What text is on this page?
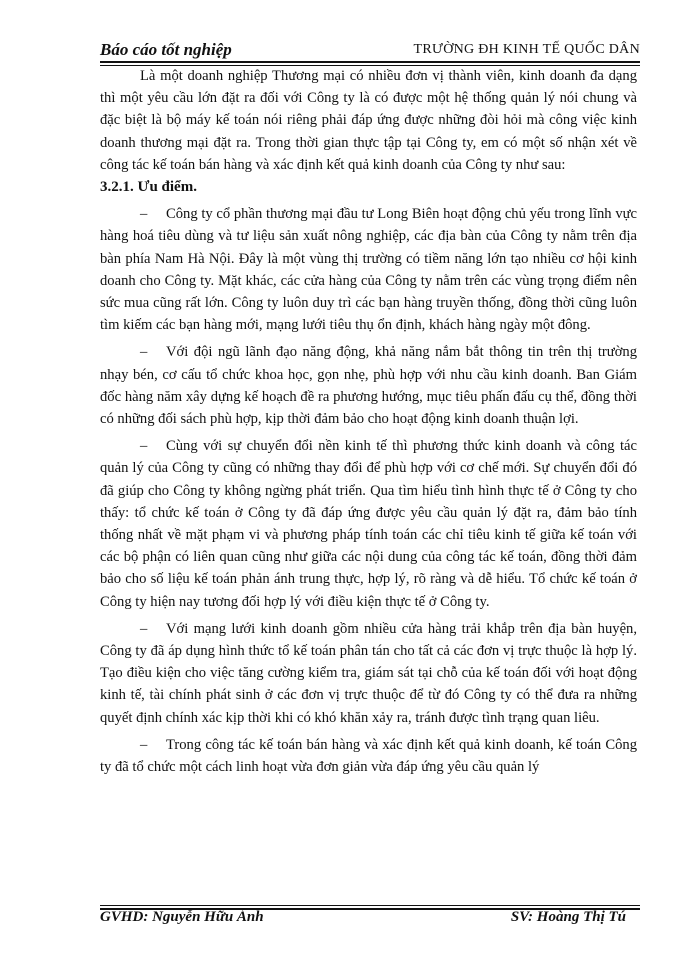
Báo cáo tốt nghiệp	TRƯỜNG ĐH KINH TẾ QUỐC DÂN

Là một doanh nghiệp Thương mại có nhiều đơn vị thành viên, kinh doanh đa dạng thì một yêu cầu lớn đặt ra đối với Công ty là có được một hệ thống quản lý nói chung và đặc biệt là bộ máy kế toán nói riêng phải đáp ứng được những đòi hỏi mà công việc kinh doanh thương mại đặt ra. Trong thời gian thực tập tại Công ty, em có một số nhận xét về công tác kế toán bán hàng và xác định kết quả kinh doanh của Công ty như sau:

3.2.1. Ưu điểm.

– Công ty cổ phần thương mại đầu tư Long Biên hoạt động chủ yếu trong lĩnh vực hàng hoá tiêu dùng và tư liệu sản xuất nông nghiệp, các địa bàn của Công ty nằm trên địa bàn phía Nam Hà Nội. Đây là một vùng thị trường có tiềm năng lớn tạo nhiều cơ hội kinh doanh cho Công ty. Mặt khác, các cửa hàng của Công ty nằm trên các vùng trọng điểm nên sức mua cũng rất lớn. Công ty luôn duy trì các bạn hàng truyền thống, đồng thời cũng luôn tìm kiếm các bạn hàng mới, mạng lưới tiêu thụ ổn định, khách hàng ngày một đông.

– Với đội ngũ lãnh đạo năng động, khả năng nắm bắt thông tin trên thị trường nhạy bén, cơ cấu tổ chức khoa học, gọn nhẹ, phù hợp với nhu cầu kinh doanh. Ban Giám đốc hàng năm xây dựng kế hoạch đề ra phương hướng, mục tiêu phấn đấu cụ thể, đồng thời có những đối sách phù hợp, kịp thời đảm bảo cho hoạt động kinh doanh thuận lợi.

– Cùng với sự chuyển đổi nền kinh tế thì phương thức kinh doanh và công tác quản lý của Công ty cũng có những thay đổi để phù hợp với cơ chế mới. Sự chuyển đổi đó đã giúp cho Công ty không ngừng phát triển. Qua tìm hiểu tình hình thực tế ở Công ty cho thấy: tổ chức kế toán ở Công ty đã đáp ứng được yêu cầu quản lý đặt ra, đảm bảo tính thống nhất về mặt phạm vi và phương pháp tính toán các chỉ tiêu kinh tế giữa kế toán với các bộ phận có liên quan cũng như giữa các nội dung của công tác kế toán, đồng thời đảm bảo cho số liệu kế toán phản ánh trung thực, hợp lý, rõ ràng và dễ hiểu. Tổ chức kế toán ở Công ty hiện nay tương đối hợp lý với điều kiện thực tế ở Công ty.

– Với mạng lưới kinh doanh gồm nhiều cửa hàng trải khắp trên địa bàn huyện, Công ty đã áp dụng hình thức tổ kế toán phân tán cho tất cả các đơn vị trực thuộc là hợp lý. Tạo điều kiện cho việc tăng cường kiểm tra, giám sát tại chỗ của kế toán đối với hoạt động kinh tế, tài chính phát sinh ở các đơn vị trực thuộc để từ đó Công ty có thể đưa ra những quyết định chính xác kịp thời khi có khó khăn xảy ra, tránh được tình trạng quan liêu.

– Trong công tác kế toán bán hàng và xác định kết quả kinh doanh, kế toán Công ty đã tổ chức một cách linh hoạt vừa đơn giản vừa đáp ứng yêu cầu quản lý

GVHD: Nguyễn Hữu Ánh	SV: Hoàng Thị Tú
